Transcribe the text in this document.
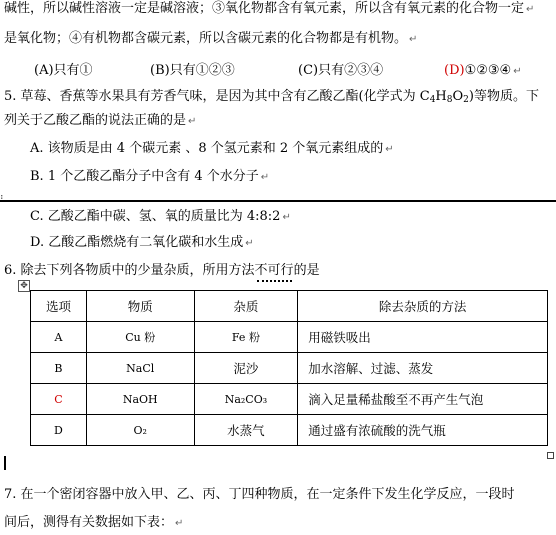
碱性，所以碱性溶液一定是碱溶液；③氧化物都含有氧元素，所以含有氧元素的化合物一定 ↵
是氧化物；④有机物都含碳元素，所以含碳元素的化合物都是有机物。 ↵
(A)只有①	(B)只有①②③	(C)只有②③④	(D)①②③④ ↵
5. 草莓、香蕉等水果具有芳香气味，是因为其中含有乙酸乙酯(化学式为 $C_4H_8O_2$)等物质。下
列关于乙酸乙酯的说法正确的是 ↵
A. 该物质是由 4 个碳元素 、8 个氢元素和 2 个氧元素组成的 ↵
B. 1 个乙酸乙酯分子中含有 4 个水分子 ↵
⁝
C. 乙酸乙酯中碳、氢、氧的质量比为 4:8:2 ↵
D. 乙酸乙酯燃烧有二氧化碳和水生成 ↵
6. 除去下列各物质中的少量杂质，所用方法不可行的是
✥
选项	物质	杂质	除去杂质的方法
A	Cu 粉	Fe 粉	用磁铁吸出
B	NaCl	泥沙	加水溶解、过滤、蒸发
C	NaOH	Na₂CO₃	滴入足量稀盐酸至不再产生气泡
D	O₂	水蒸气	通过盛有浓硫酸的洗气瓶
7. 在一个密闭容器中放入甲、乙、丙、丁四种物质，在一定条件下发生化学反应，一段时
间后，测得有关数据如下表： ↵
